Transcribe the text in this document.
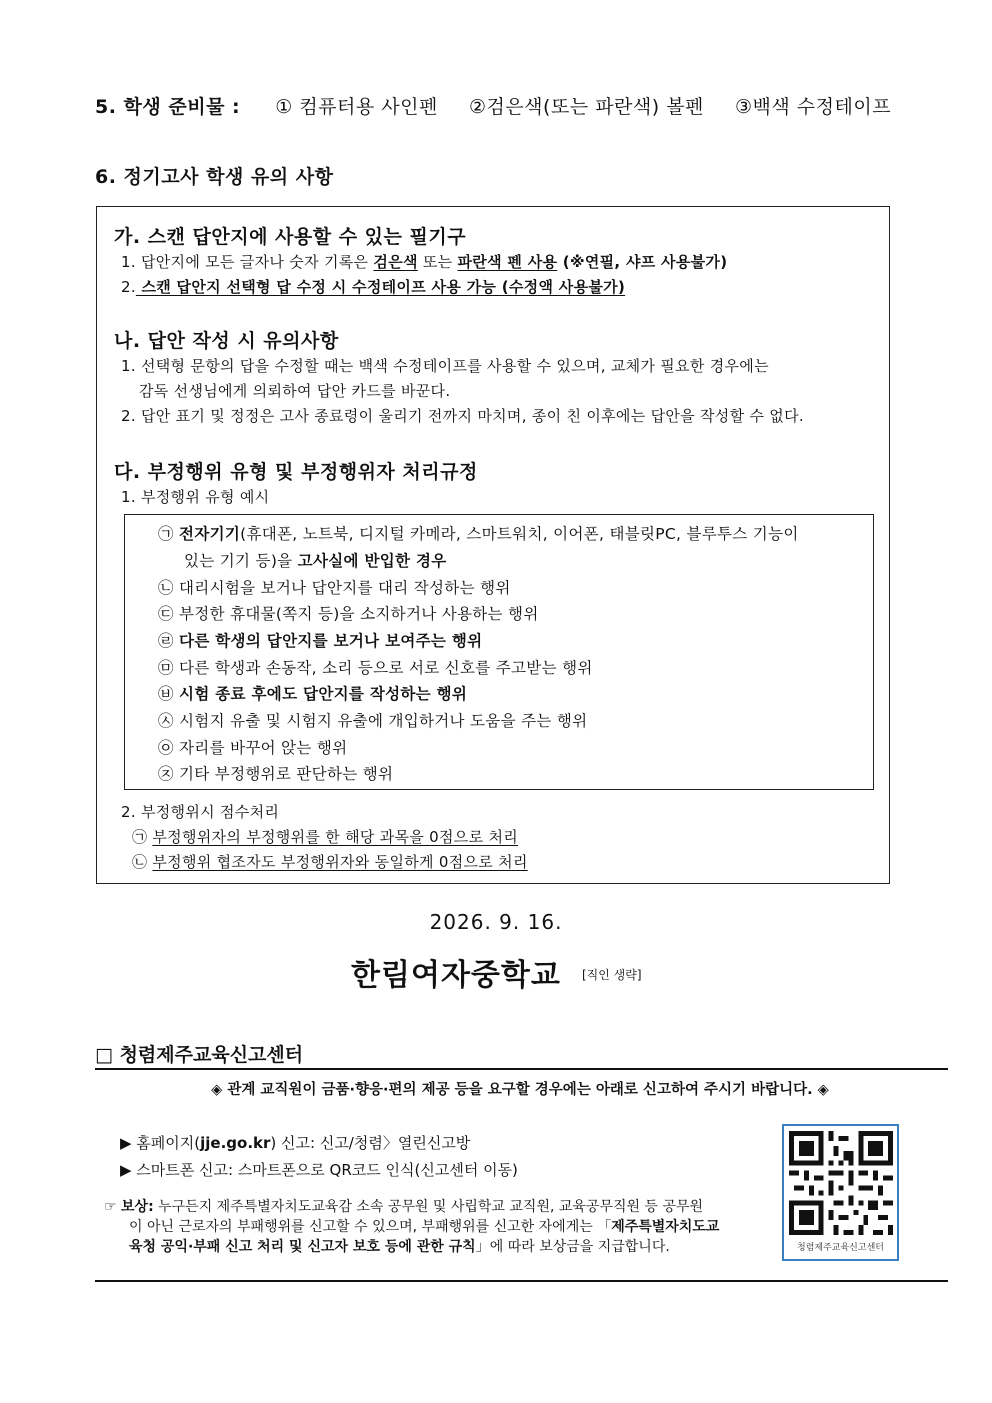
5. 학생 준비물 : ① 컴퓨터용 사인펜 ②검은색(또는 파란색) 볼펜 ③백색 수정테이프
6. 정기고사 학생 유의 사항
가. 스캔 답안지에 사용할 수 있는 필기구
1. 답안지에 모든 글자나 숫자 기록은 검은색 또는 파란색 펜 사용 (※연필, 샤프 사용불가)
2. 스캔 답안지 선택형 답 수정 시 수정테이프 사용 가능 (수정액 사용불가)
나. 답안 작성 시 유의사항
1. 선택형 문항의 답을 수정할 때는 백색 수정테이프를 사용할 수 있으며, 교체가 필요한 경우에는
감독 선생님에게 의뢰하여 답안 카드를 바꾼다.
2. 답안 표기 및 정정은 고사 종료령이 울리기 전까지 마치며, 종이 친 이후에는 답안을 작성할 수 없다.
다. 부정행위 유형 및 부정행위자 처리규정
1. 부정행위 유형 예시
㉠ 전자기기(휴대폰, 노트북, 디지털 카메라, 스마트워치, 이어폰, 태블릿PC, 블루투스 기능이
있는 기기 등)을 고사실에 반입한 경우
㉡ 대리시험을 보거나 답안지를 대리 작성하는 행위
㉢ 부정한 휴대물(쪽지 등)을 소지하거나 사용하는 행위
㉣ 다른 학생의 답안지를 보거나 보여주는 행위
㉤ 다른 학생과 손동작, 소리 등으로 서로 신호를 주고받는 행위
㉥ 시험 종료 후에도 답안지를 작성하는 행위
㉦ 시험지 유출 및 시험지 유출에 개입하거나 도움을 주는 행위
㉧ 자리를 바꾸어 앉는 행위
㉨ 기타 부정행위로 판단하는 행위
2. 부정행위시 점수처리
㉠ 부정행위자의 부정행위를 한 해당 과목을 0점으로 처리
㉡ 부정행위 협조자도 부정행위자와 동일하게 0점으로 처리
2026. 9. 16.
한림여자중학교 [직인 생략]
□ 청렴제주교육신고센터
◈ 관계 교직원이 금품·향응·편의 제공 등을 요구할 경우에는 아래로 신고하여 주시기 바랍니다. ◈
▶ 홈페이지(jje.go.kr) 신고: 신고/청렴〉열린신고방
▶ 스마트폰 신고: 스마트폰으로 QR코드 인식(신고센터 이동)
☞ 보상: 누구든지 제주특별자치도교육감 소속 공무원 및 사립학교 교직원, 교육공무직원 등 공무원
이 아닌 근로자의 부패행위를 신고할 수 있으며, 부패행위를 신고한 자에게는 「제주특별자치도교
육청 공익·부패 신고 처리 및 신고자 보호 등에 관한 규칙」에 따라 보상금을 지급합니다.	청렴제주교육신고센터
